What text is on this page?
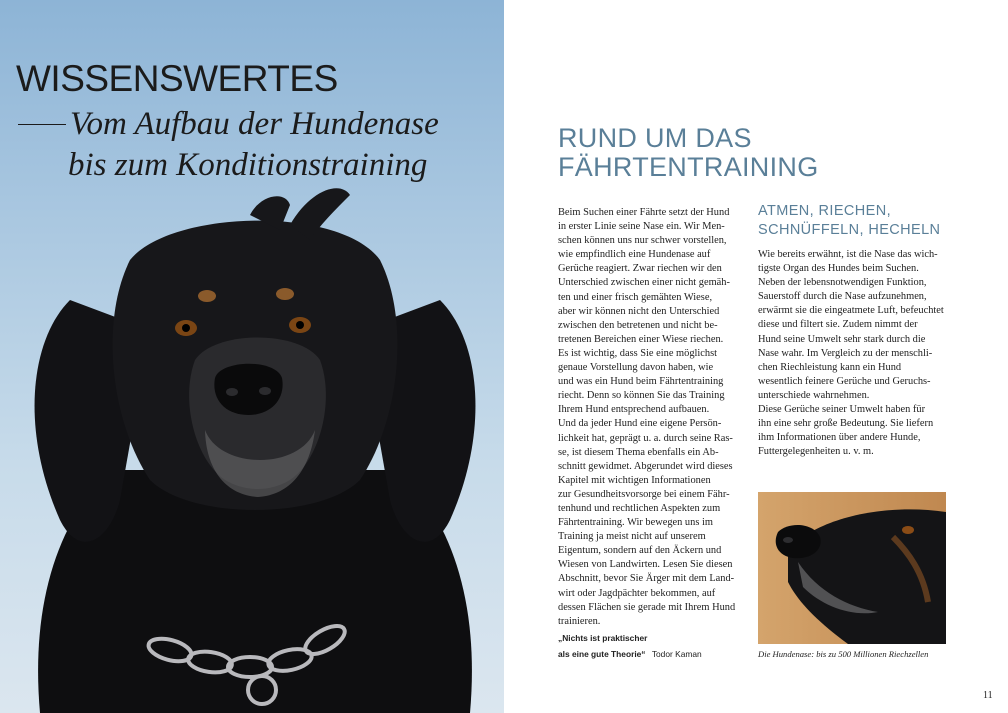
WISSENSWERTES
Vom Aufbau der Hundenase
bis zum Konditionstraining
RUND UM DAS
FÄHRTENTRAINING

Beim Suchen einer Fährte setzt der Hund
in erster Linie seine Nase ein. Wir Men-
schen können uns nur schwer vorstellen,
wie empfindlich eine Hundenase auf
Gerüche reagiert. Zwar riechen wir den
Unterschied zwischen einer nicht gemäh-
ten und einer frisch gemähten Wiese,
aber wir können nicht den Unterschied
zwischen den betretenen und nicht be-
tretenen Bereichen einer Wiese riechen.
Es ist wichtig, dass Sie eine möglichst
genaue Vorstellung davon haben, wie
und was ein Hund beim Fährtentraining
riecht. Denn so können Sie das Training
Ihrem Hund entsprechend aufbauen.
Und da jeder Hund eine eigene Persön-
lichkeit hat, geprägt u. a. durch seine Ras-
se, ist diesem Thema ebenfalls ein Ab-
schnitt gewidmet. Abgerundet wird dieses
Kapitel mit wichtigen Informationen
zur Gesundheitsvorsorge bei einem Fähr-
tenhund und rechtlichen Aspekten zum
Fährtentraining. Wir bewegen uns im
Training ja meist nicht auf unserem
Eigentum, sondern auf den Äckern und
Wiesen von Landwirten. Lesen Sie diesen
Abschnitt, bevor Sie Ärger mit dem Land-
wirt oder Jagdpächter bekommen, auf
dessen Flächen sie gerade mit Ihrem Hund
trainieren.

ATMEN, RIECHEN,
SCHNÜFFELN, HECHELN

Wie bereits erwähnt, ist die Nase das wich-
tigste Organ des Hundes beim Suchen.
Neben der lebensnotwendigen Funktion,
Sauerstoff durch die Nase aufzunehmen,
erwärmt sie die eingeatmete Luft, befeuchtet
diese und filtert sie. Zudem nimmt der
Hund seine Umwelt sehr stark durch die
Nase wahr. Im Vergleich zu der menschli-
chen Riechleistung kann ein Hund
wesentlich feinere Gerüche und Geruchs-
unterschiede wahrnehmen.
Diese Gerüche seiner Umwelt haben für
ihn eine sehr große Bedeutung. Sie liefern
ihm Informationen über andere Hunde,
Futtergelegenheiten u. v. m.

„Nichts ist praktischer
als eine gute Theorie“ Todor Kaman	Die Hundenase: bis zu 500 Millionen Riechzellen
11
